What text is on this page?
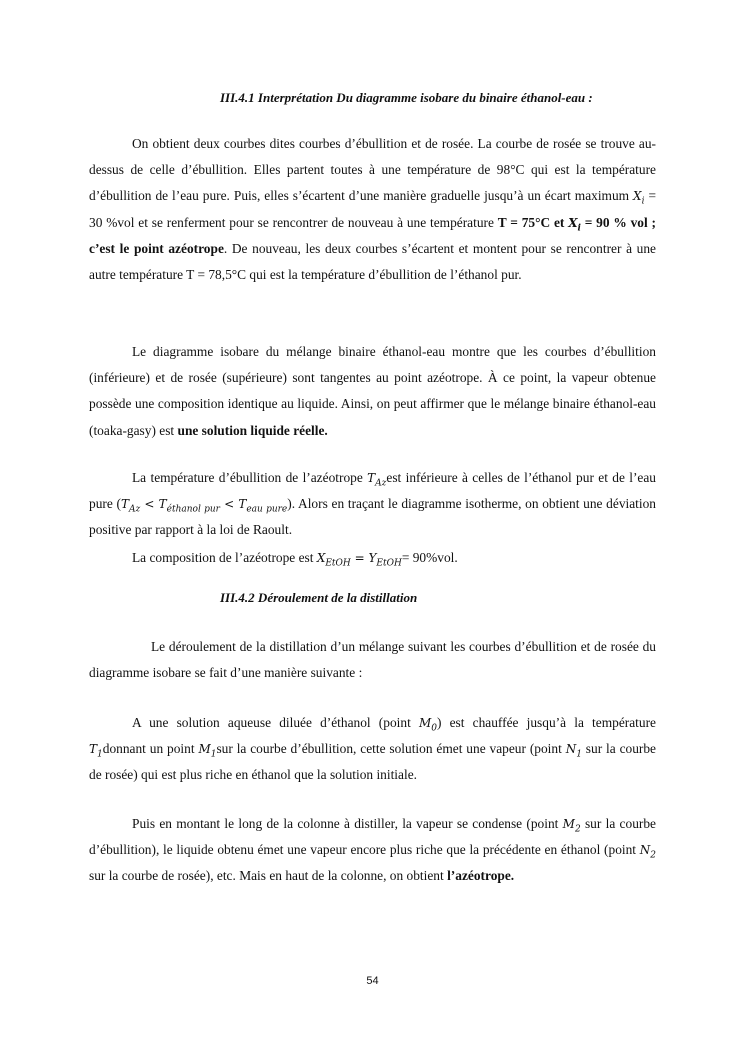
III.4.1 Interprétation Du diagramme isobare du binaire éthanol-eau :

On obtient deux courbes dites courbes d’ébullition et de rosée. La courbe de rosée se trouve au-dessus de celle d’ébullition. Elles partent toutes à une température de 98°C qui est la température d’ébullition de l’eau pure. Puis, elles s’écartent d’une manière graduelle jusqu’à un écart maximum $X_i = 30$ %vol et se renferment pour se rencontrer de nouveau à une température T = 75°C et $X_i = 90$ % vol ; c’est le point azéotrope. De nouveau, les deux courbes s’écartent et montent pour se rencontrer à une autre température T = 78,5°C qui est la température d’ébullition de l’éthanol pur.

Le diagramme isobare du mélange binaire éthanol-eau montre que les courbes d’ébullition (inférieure) et de rosée (supérieure) sont tangentes au point azéotrope. À ce point, la vapeur obtenue possède une composition identique au liquide. Ainsi, on peut affirmer que le mélange binaire éthanol-eau (toaka-gasy) est une solution liquide réelle.

La température d’ébullition de l’azéotrope $T_{Az}est$ inférieure à celles de l’éthanol pur et de l’eau pure $(T_{Az} < T_{éthanol pur} < T_{eau pure})$. Alors en traçant le diagramme isotherme, on obtient une déviation positive par rapport à la loi de Raoult.

La composition de l’azéotrope est $X_{EtOH} = Y_{EtOH}= 90\%vol$.

III.4.2 Déroulement de la distillation

Le déroulement de la distillation d’un mélange suivant les courbes d’ébullition et de rosée du diagramme isobare se fait d’une manière suivante :

A une solution aqueuse diluée d’éthanol (point $M_0$) est chauffée jusqu’à la température $T_1donnant$ un point $M_1sur$ la courbe d’ébullition, cette solution émet une vapeur (point $N_1$ sur la courbe de rosée) qui est plus riche en éthanol que la solution initiale.

Puis en montant le long de la colonne à distiller, la vapeur se condense (point $M_2$ sur la courbe d’ébullition), le liquide obtenu émet une vapeur encore plus riche que la précédente en éthanol (point $N_2$ sur la courbe de rosée), etc. Mais en haut de la colonne, on obtient l’azéotrope.

54
